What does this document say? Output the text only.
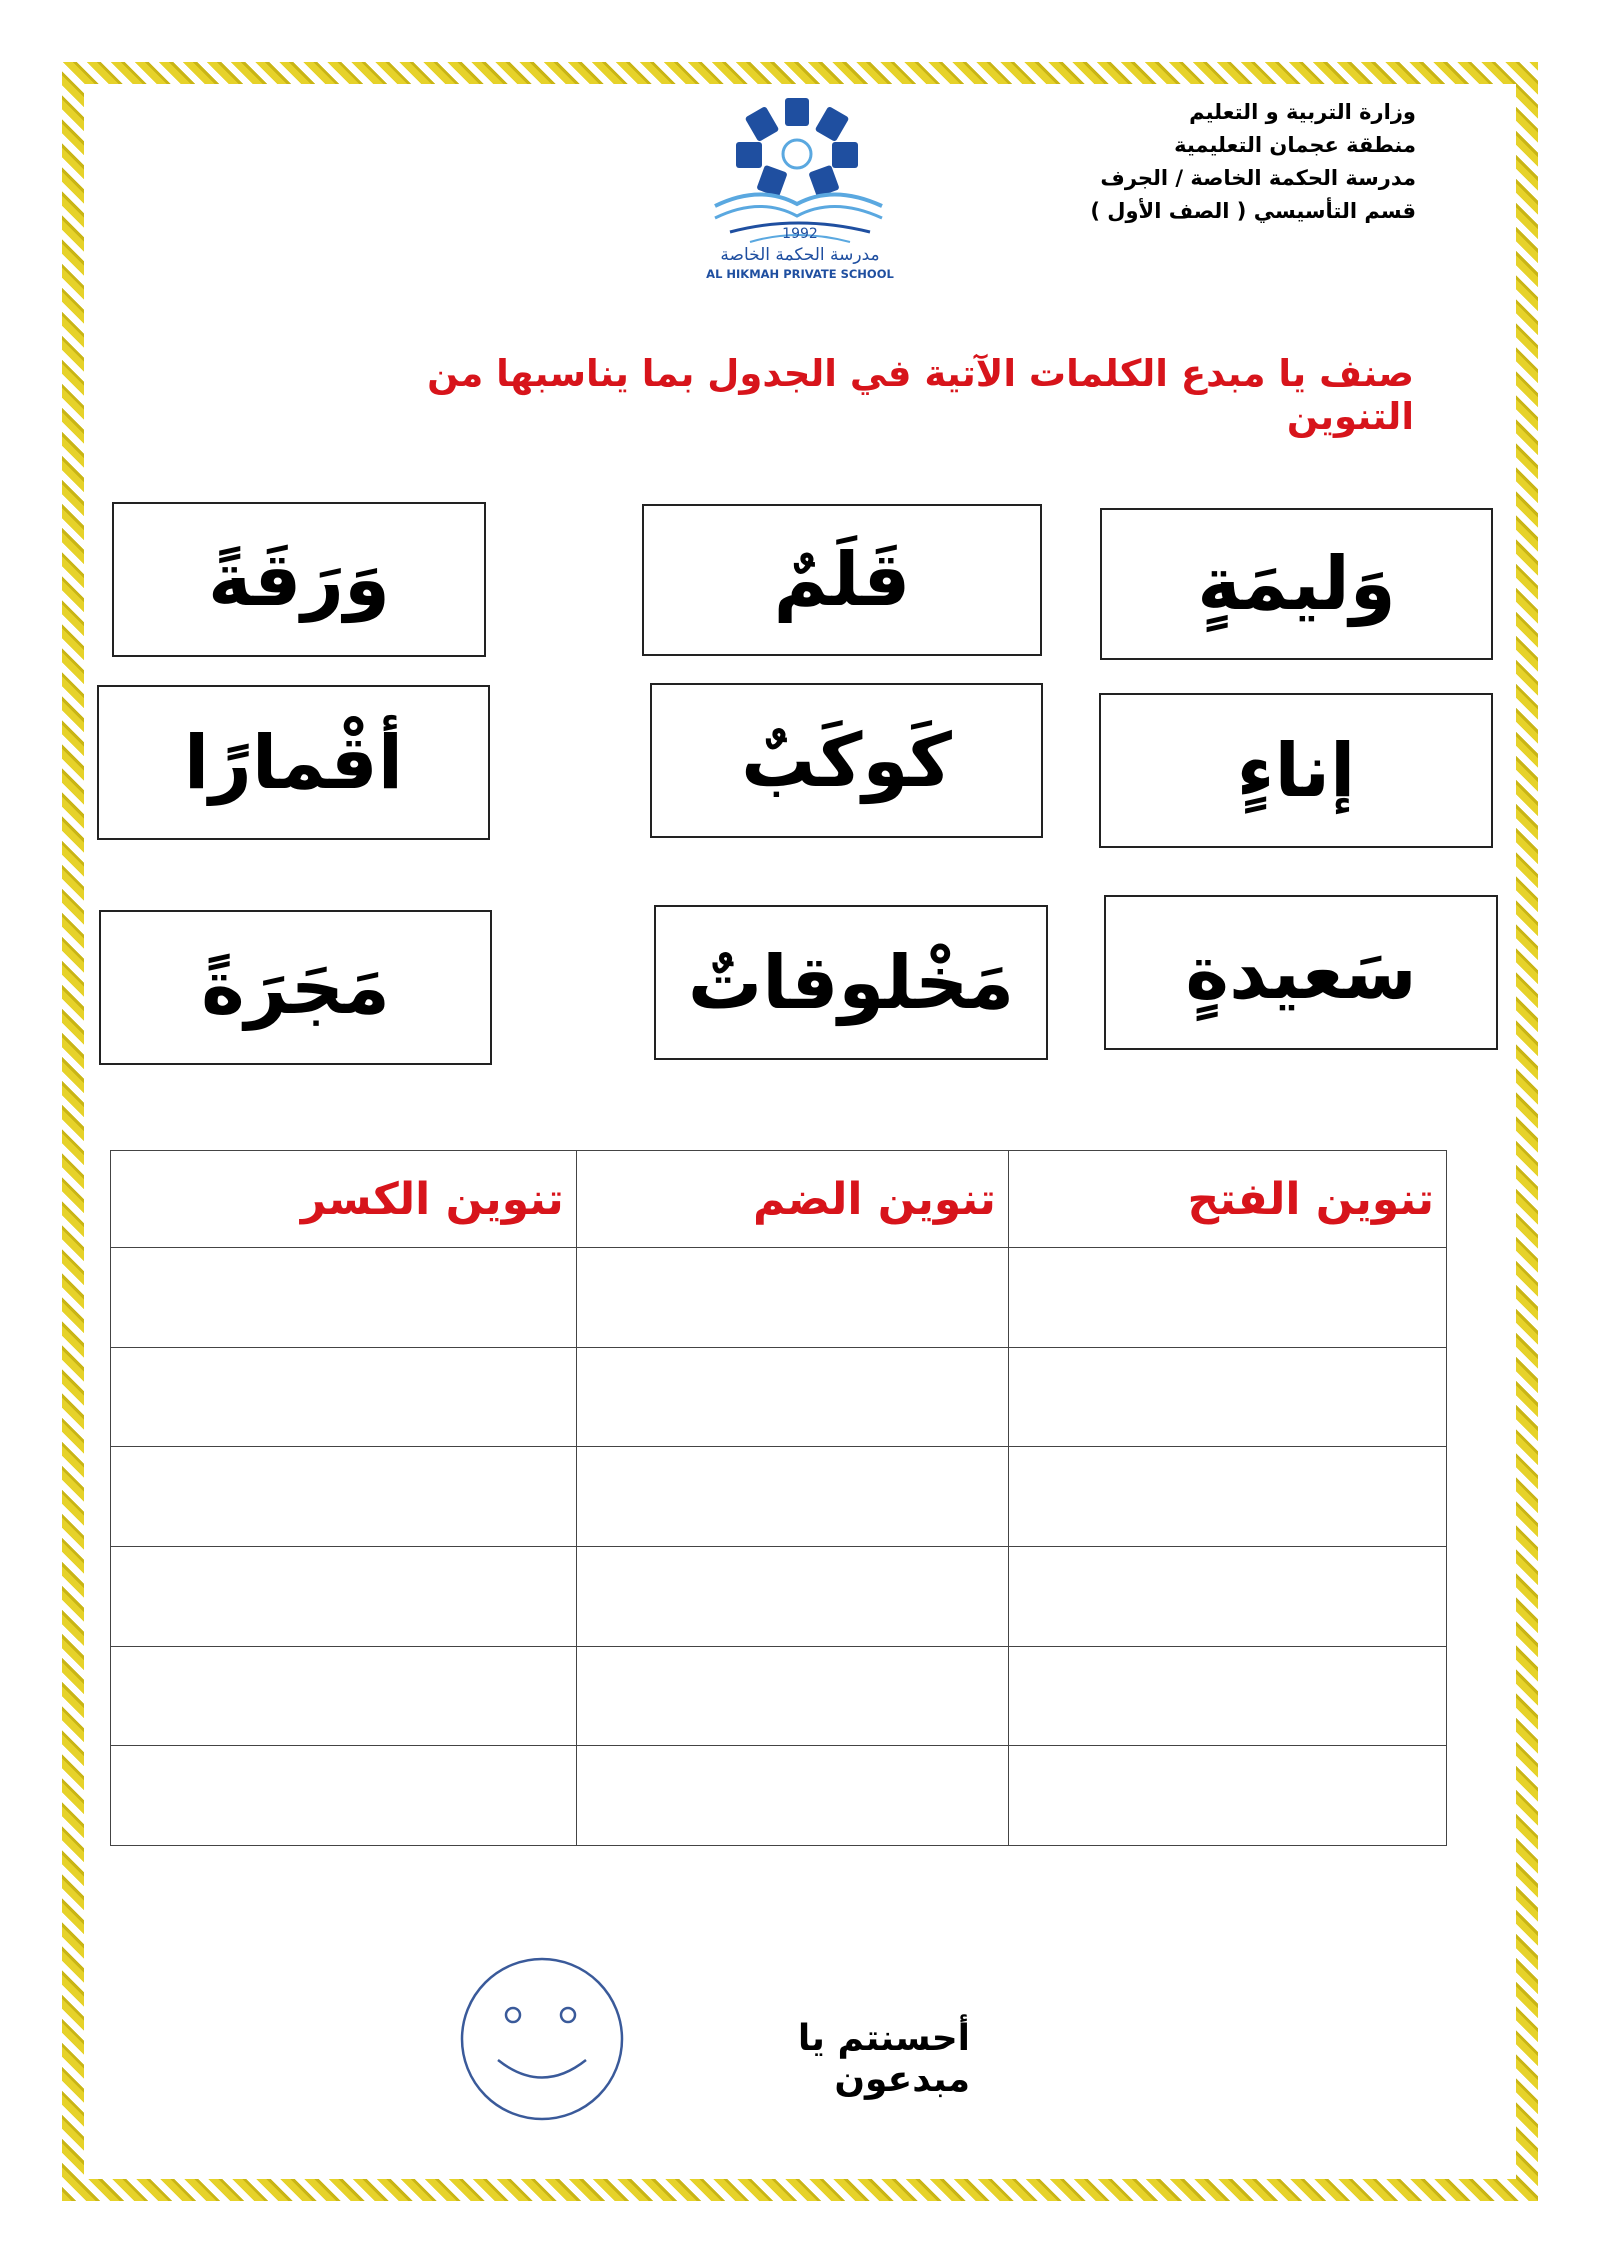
وزارة التربية و التعليم
منطقة عجمان التعليمية
مدرسة الحكمة الخاصة / الجرف
قسم التأسيسي ( الصف الأول )
1992
مدرسة الحكمة الخاصة
AL HIKMAH PRIVATE SCHOOL
صنف يا مبدع الكلمات الآتية في الجدول بما يناسبها من التنوين
وَليمَةٍ
قَلَمٌ
وَرَقَةً
إناءٍ
كَوكَبٌ
أقْمارًا
سَعيدةٍ
مَخْلوقاتٌ
مَجَرَةً
تنوين الفتح	تنوين الضم	تنوين الكسر

أحسنتم يا مبدعون
